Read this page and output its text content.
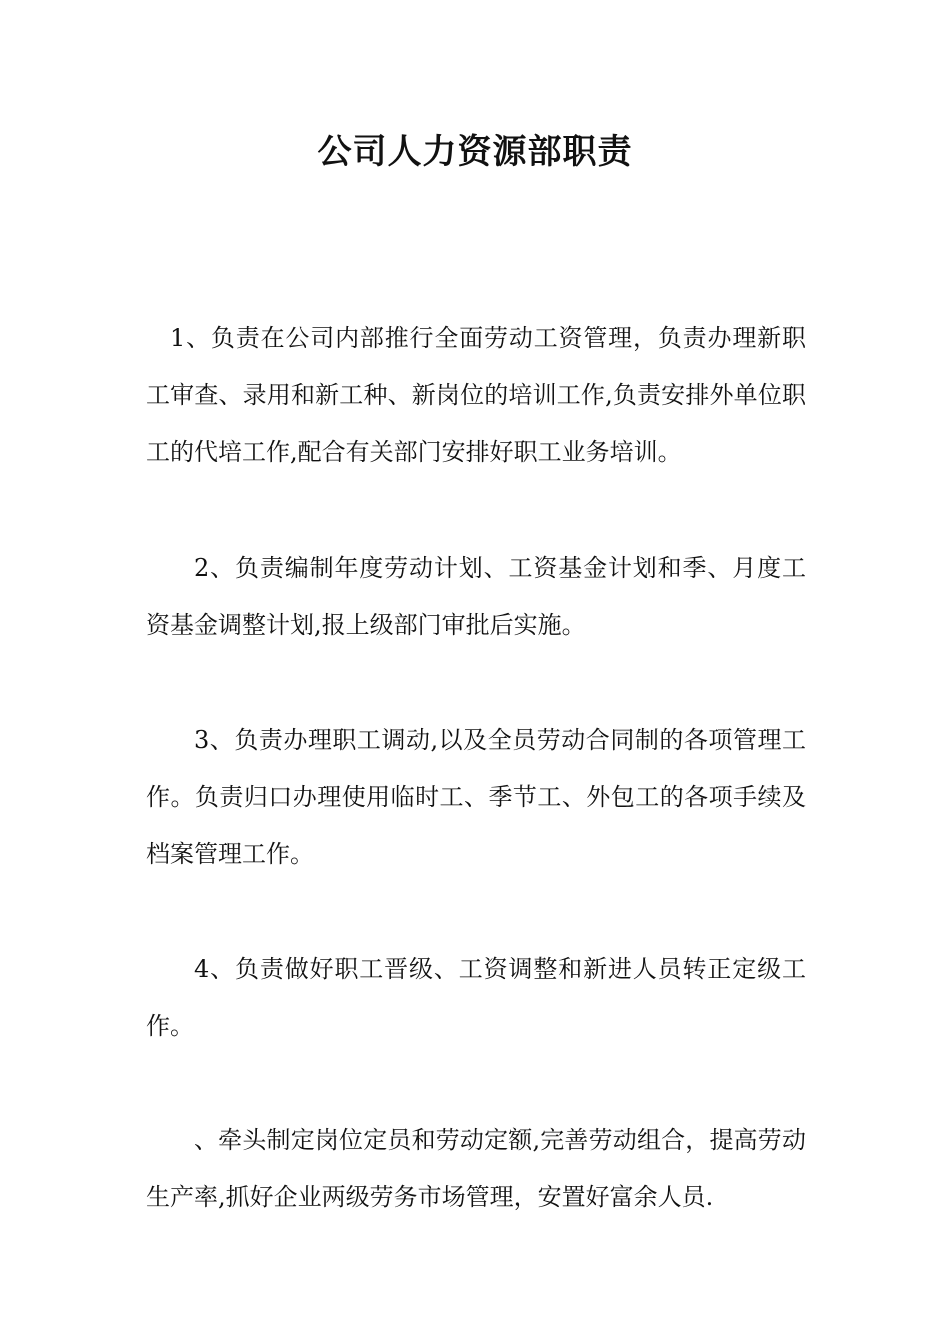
公司人力资源部职责

1、负责在公司内部推行全面劳动工资管理，负责办理新职工审查、录用和新工种、新岗位的培训工作,负责安排外单位职工的代培工作,配合有关部门安排好职工业务培训。

2、负责编制年度劳动计划、工资基金计划和季、月度工资基金调整计划,报上级部门审批后实施。

3、负责办理职工调动,以及全员劳动合同制的各项管理工作。负责归口办理使用临时工、季节工、外包工的各项手续及档案管理工作。

4、负责做好职工晋级、工资调整和新进人员转正定级工作。

、牵头制定岗位定员和劳动定额,完善劳动组合，提高劳动生产率,抓好企业两级劳务市场管理，安置好富余人员.
